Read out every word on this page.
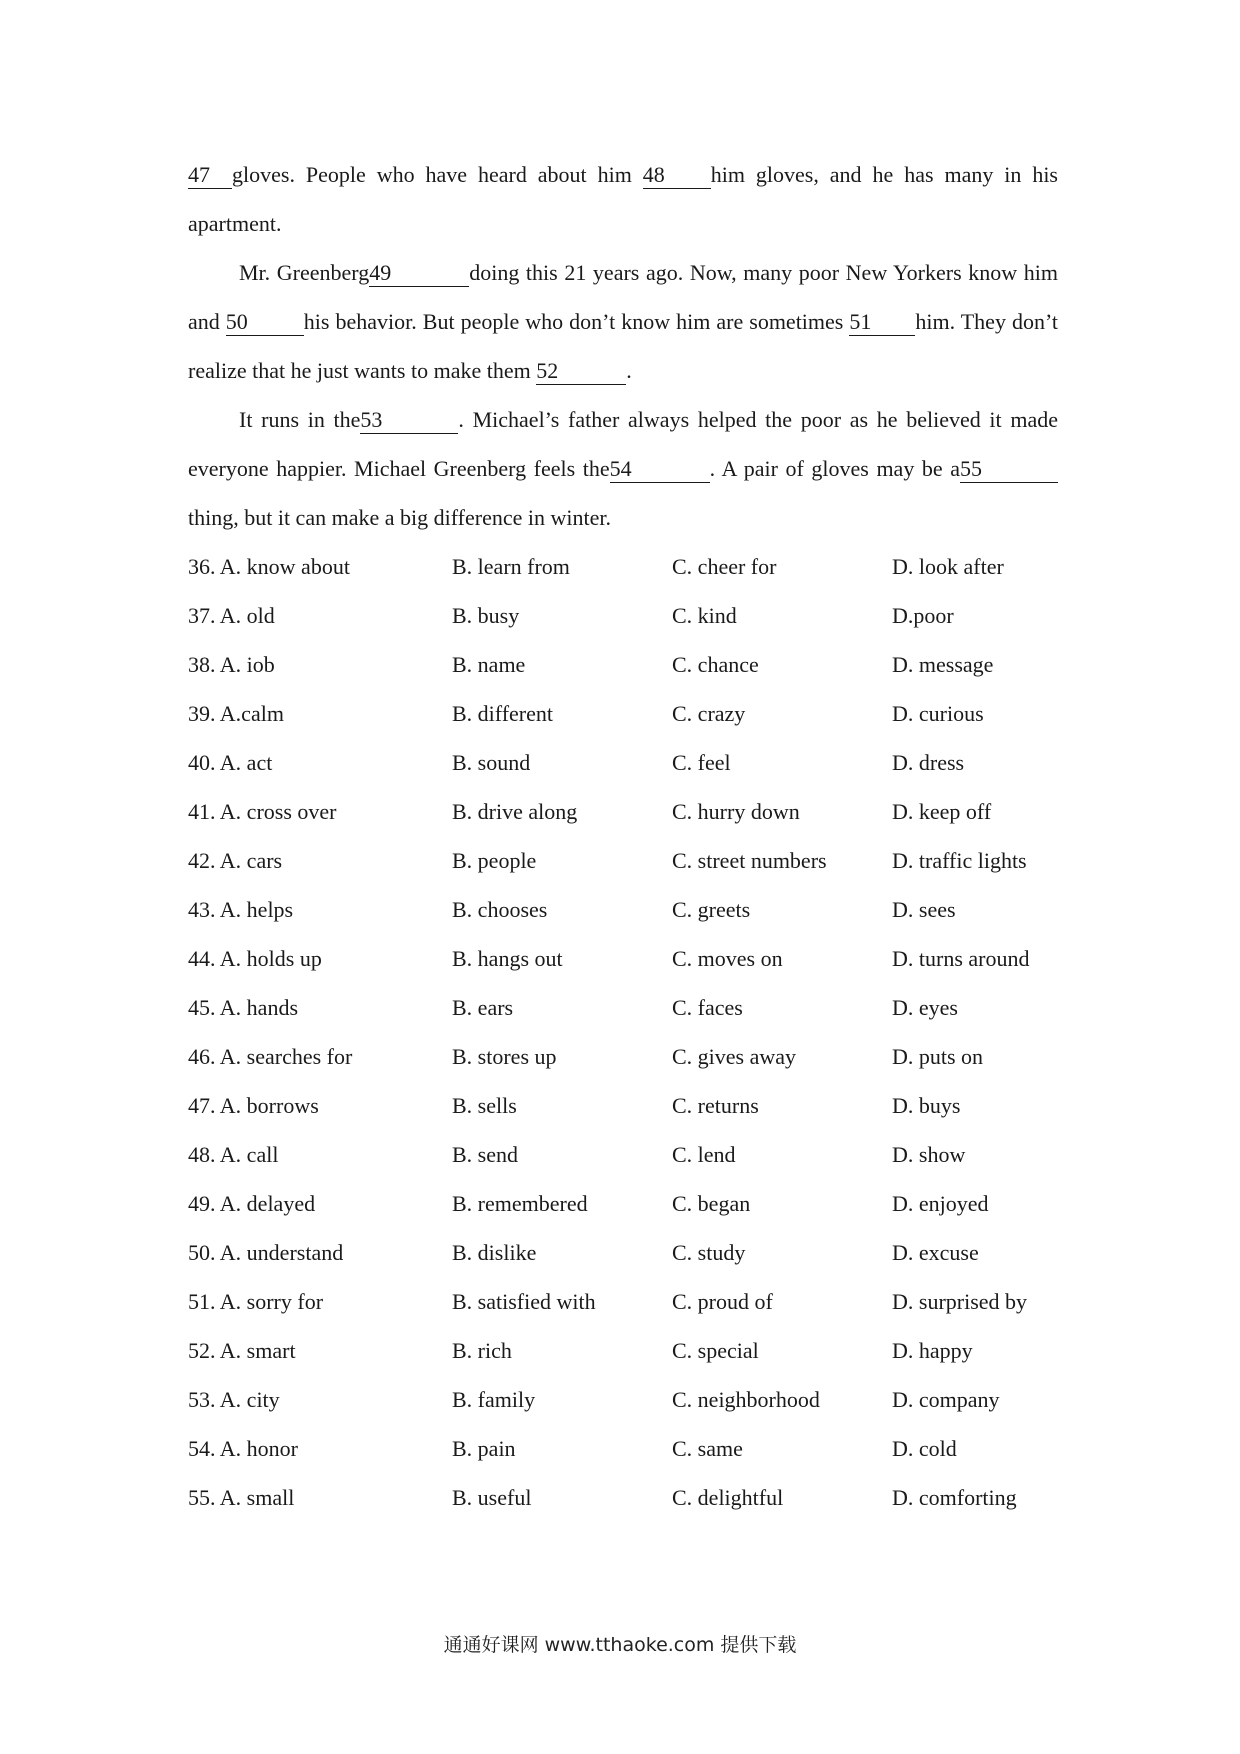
47 gloves. People who have heard about him 48 him gloves, and he has many in his apartment.

Mr. Greenberg49	doing this 21 years ago. Now, many poor New Yorkers know him and 50	his behavior. But people who don’t know him are sometimes 51 him. They don’t realize that he just wants to make them 52	.

It runs in the53	. Michael’s father always helped the poor as he believed it made everyone happier. Michael Greenberg feels the54	. A pair of gloves may be a55thing, but it can make a big difference in winter.

36. A. know about	B. learn from	C. cheer for	D. look after
37. A. old	B. busy	C. kind	D.poor
38. A. iob	B. name	C. chance	D. message
39. A.calm	B. different	C. crazy	D. curious
40. A. act	B. sound	C. feel	D. dress
41. A. cross over	B. drive along	C. hurry down	D. keep off
42. A. cars	B. people	C. street numbers	D. traffic lights
43. A. helps	B. chooses	C. greets	D. sees
44. A. holds up	B. hangs out	C. moves on	D. turns around
45. A. hands	B. ears	C. faces	D. eyes
46. A. searches for	B. stores up	C. gives away	D. puts on
47. A. borrows	B. sells	C. returns	D. buys
48. A. call	B. send	C. lend	D. show
49. A. delayed	B. remembered	C. began	D. enjoyed
50. A. understand	B. dislike	C. study	D. excuse
51. A. sorry for	B. satisfied with	C. proud of	D. surprised by
52. A. smart	B. rich	C. special	D. happy
53. A. city	B. family	C. neighborhood	D. company
54. A. honor	B. pain	C. same	D. cold
55. A. small	B. useful	C. delightful	D. comforting
通通好课网 www.tthaoke.com 提供下载
